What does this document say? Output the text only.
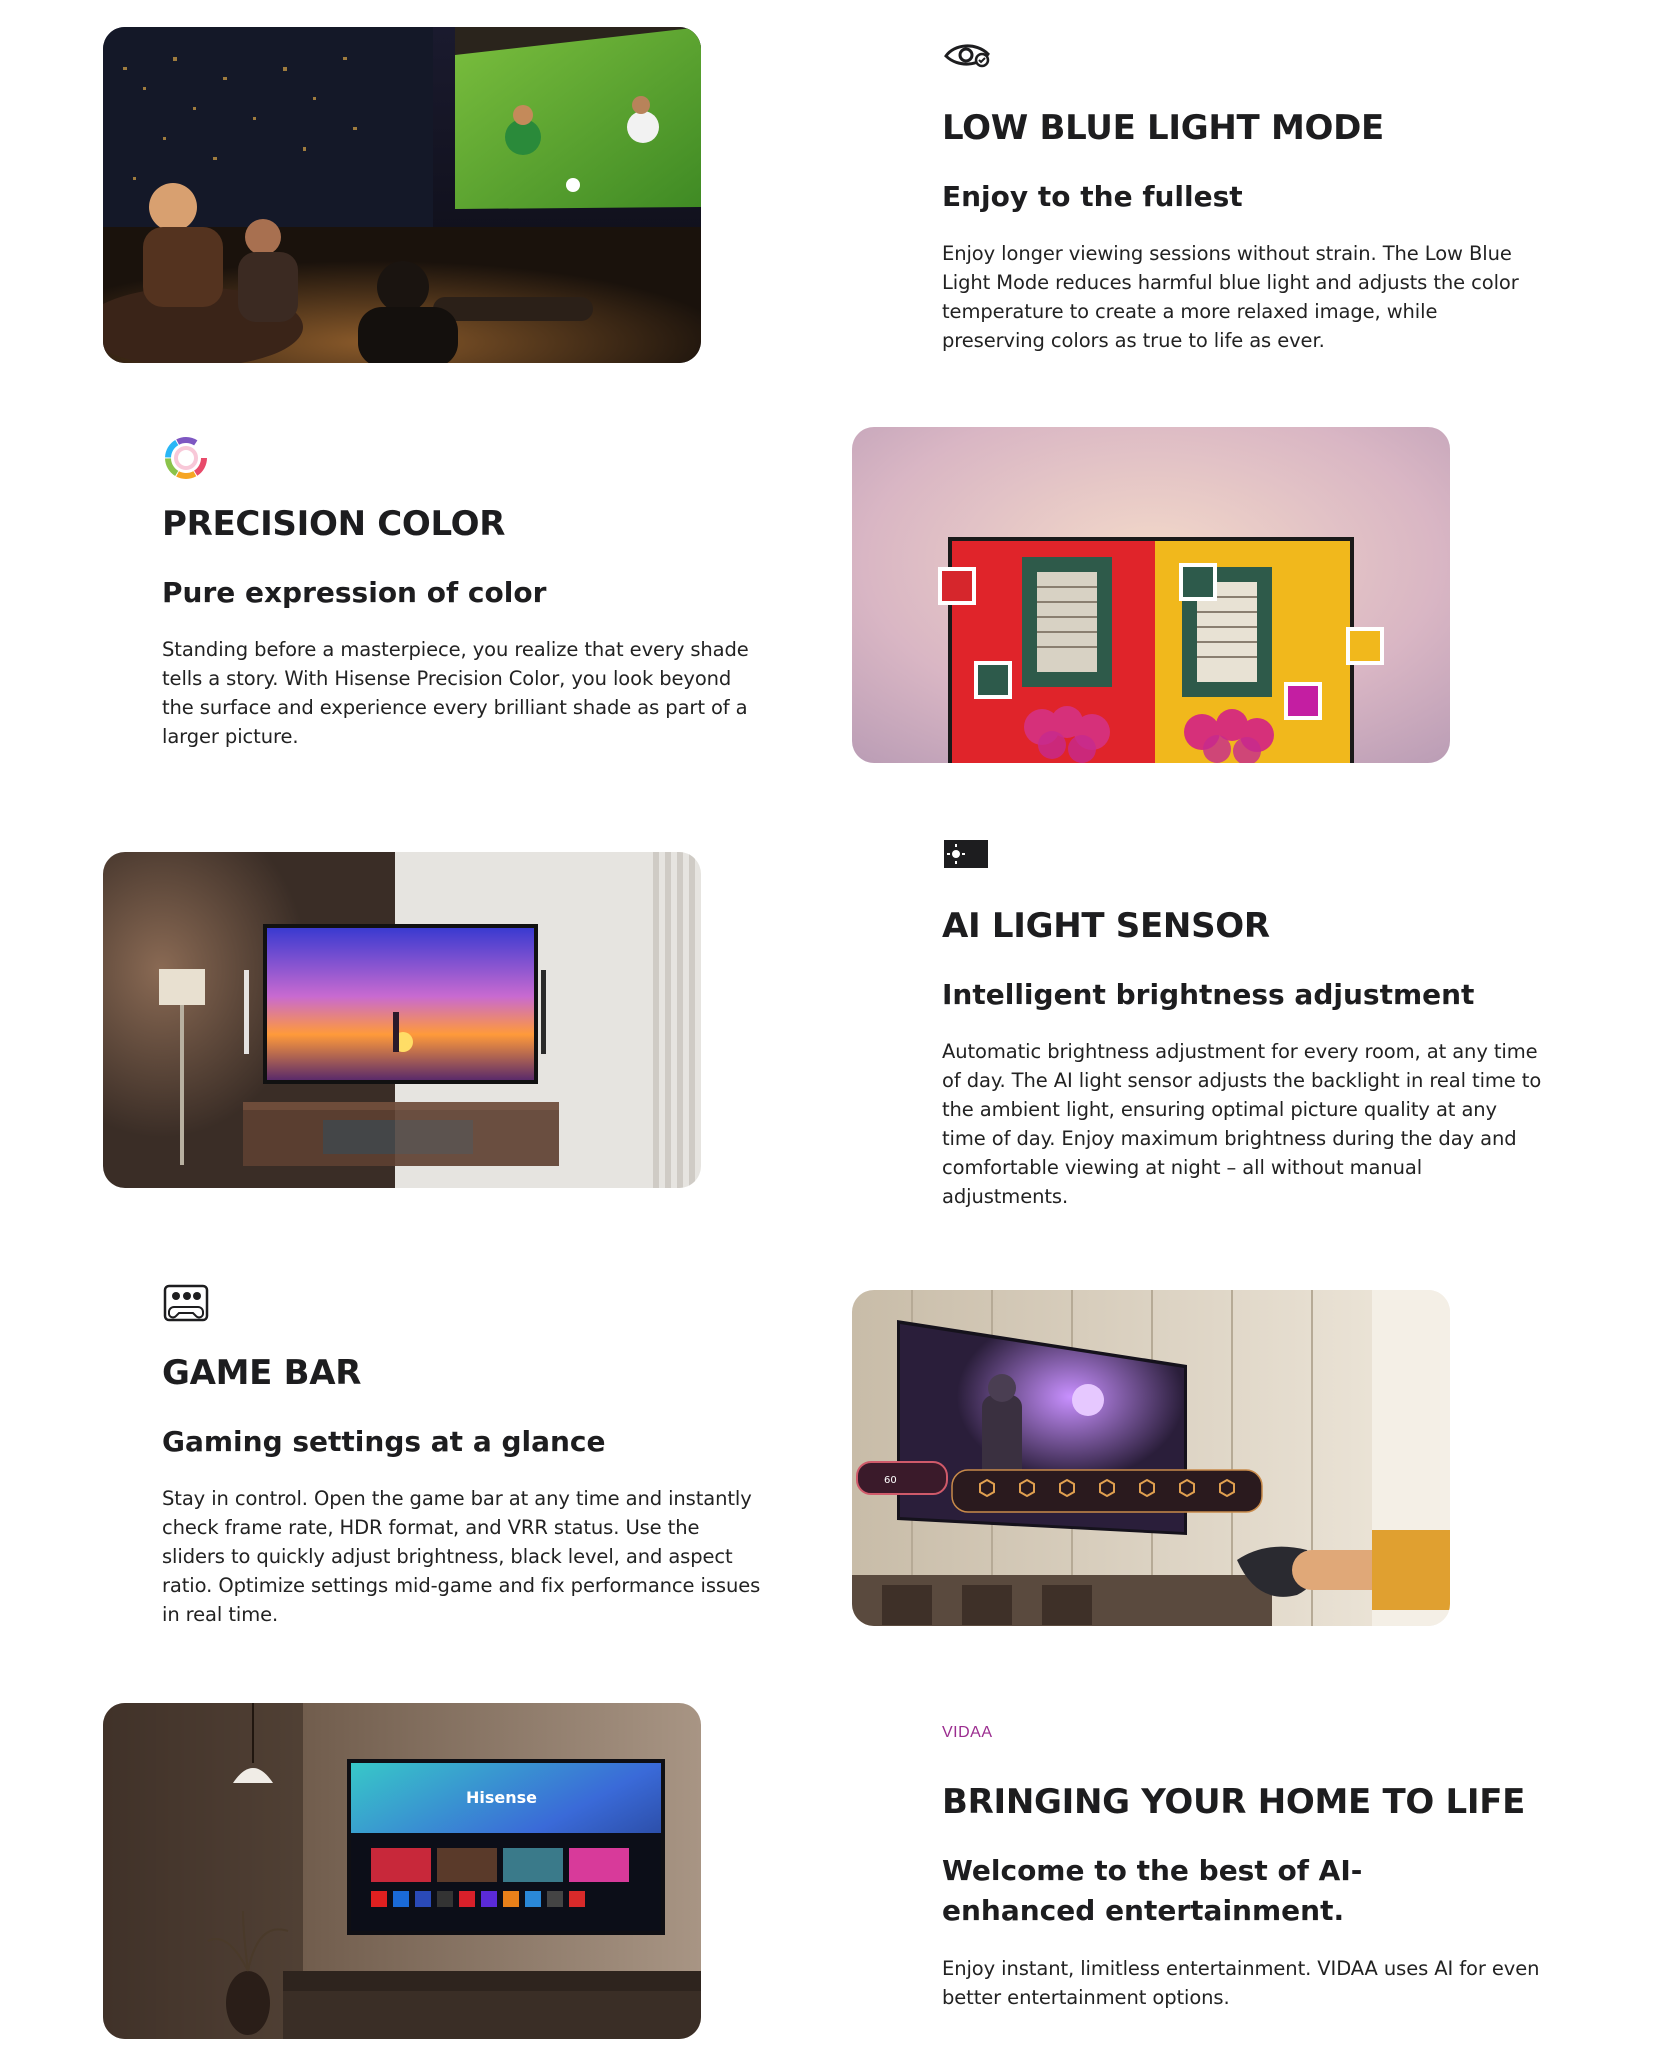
LOW BLUE LIGHT MODE
Enjoy to the fullest

Enjoy longer viewing sessions without strain. The Low Blue Light Mode reduces harmful blue light and adjusts the color temperature to create a more relaxed image, while preserving colors as true to life as ever.

PRECISION COLOR
Pure expression of color

Standing before a masterpiece, you realize that every shade tells a story. With Hisense Precision Color, you look beyond the surface and experience every brilliant shade as part of a larger picture.

AI LIGHT SENSOR
Intelligent brightness adjustment

Automatic brightness adjustment for every room, at any time of day. The AI light sensor adjusts the backlight in real time to the ambient light, ensuring optimal picture quality at any time of day. Enjoy maximum brightness during the day and comfortable viewing at night – all without manual adjustments.

GAME BAR
Gaming settings at a glance

Stay in control. Open the game bar at any time and instantly check frame rate, HDR format, and VRR status. Use the sliders to quickly adjust brightness, black level, and aspect ratio. Optimize settings mid-game and fix performance issues in real time.

60
Hisense
VIDAA
BRINGING YOUR HOME TO LIFE
Welcome to the best of AI-enhanced entertainment.

Enjoy instant, limitless entertainment. VIDAA uses AI for even better entertainment options.
